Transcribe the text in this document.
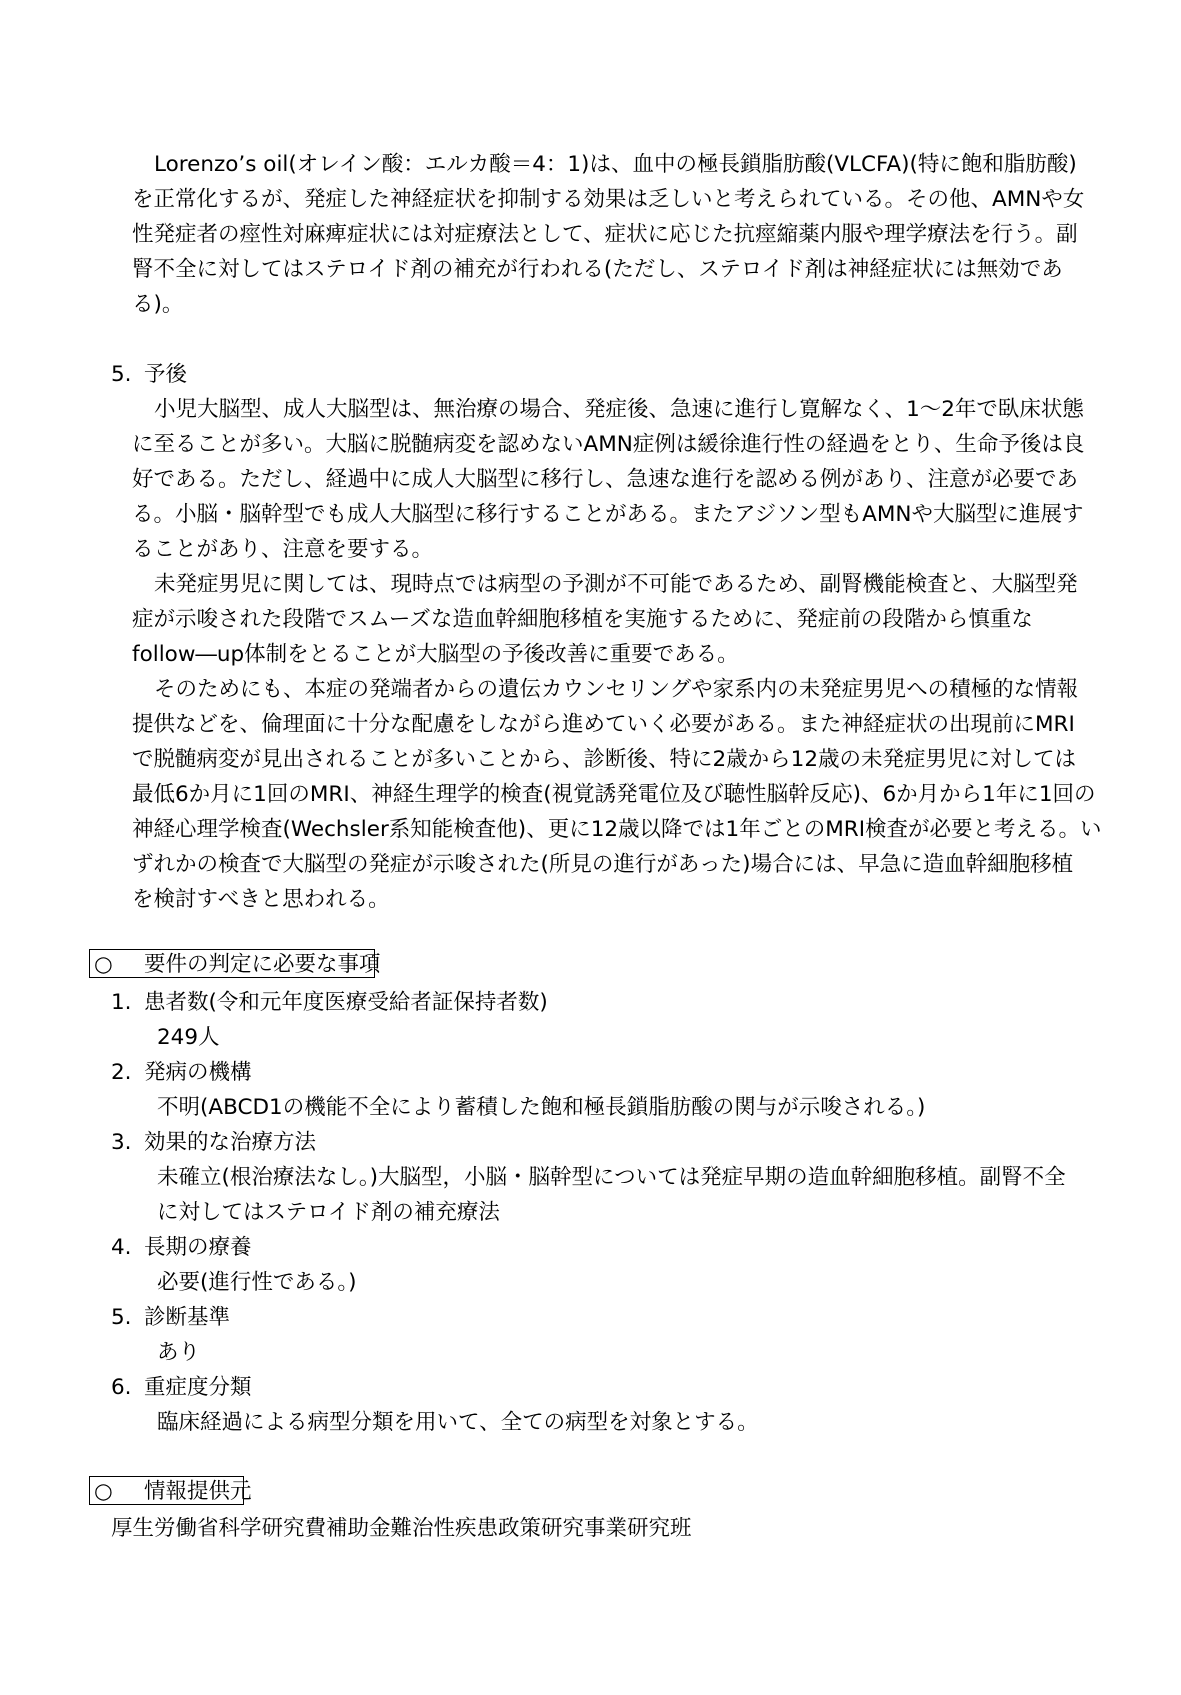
Lorenzo’s oil(オレイン酸：エルカ酸＝4：1)は、血中の極長鎖脂肪酸(VLCFA)(特に飽和脂肪酸)
を正常化するが、発症した神経症状を抑制する効果は乏しいと考えられている。その他、AMNや女
性発症者の痙性対麻痺症状には対症療法として、症状に応じた抗痙縮薬内服や理学療法を行う。副
腎不全に対してはステロイド剤の補充が行われる(ただし、ステロイド剤は神経症状には無効であ
る)。
5. 予後
小児大脳型、成人大脳型は、無治療の場合、発症後、急速に進行し寛解なく、1～2年で臥床状態
に至ることが多い。大脳に脱髄病変を認めないAMN症例は緩徐進行性の経過をとり、生命予後は良
好である。ただし、経過中に成人大脳型に移行し、急速な進行を認める例があり、注意が必要であ
る。小脳・脳幹型でも成人大脳型に移行することがある。またアジソン型もAMNや大脳型に進展す
ることがあり、注意を要する。
未発症男児に関しては、現時点では病型の予測が不可能であるため、副腎機能検査と、大脳型発
症が示唆された段階でスムーズな造血幹細胞移植を実施するために、発症前の段階から慎重な
follow―up体制をとることが大脳型の予後改善に重要である。
そのためにも、本症の発端者からの遺伝カウンセリングや家系内の未発症男児への積極的な情報
提供などを、倫理面に十分な配慮をしながら進めていく必要がある。また神経症状の出現前にMRI
で脱髄病変が見出されることが多いことから、診断後、特に2歳から12歳の未発症男児に対しては
最低6か月に1回のMRI、神経生理学的検査(視覚誘発電位及び聴性脳幹反応)、6か月から1年に1回の
神経心理学検査(Wechsler系知能検査他)、更に12歳以降では1年ごとのMRI検査が必要と考える。い
ずれかの検査で大脳型の発症が示唆された(所見の進行があった)場合には、早急に造血幹細胞移植
を検討すべきと思われる。
○ 要件の判定に必要な事項
1. 患者数(令和元年度医療受給者証保持者数)
249人
2. 発病の機構
不明(ABCD1の機能不全により蓄積した飽和極長鎖脂肪酸の関与が示唆される。)
3. 効果的な治療方法
未確立(根治療法なし。)大脳型，小脳・脳幹型については発症早期の造血幹細胞移植。副腎不全
に対してはステロイド剤の補充療法
4. 長期の療養
必要(進行性である。)
5. 診断基準
あり
6. 重症度分類
臨床経過による病型分類を用いて、全ての病型を対象とする。
○ 情報提供元
厚生労働省科学研究費補助金難治性疾患政策研究事業研究班
